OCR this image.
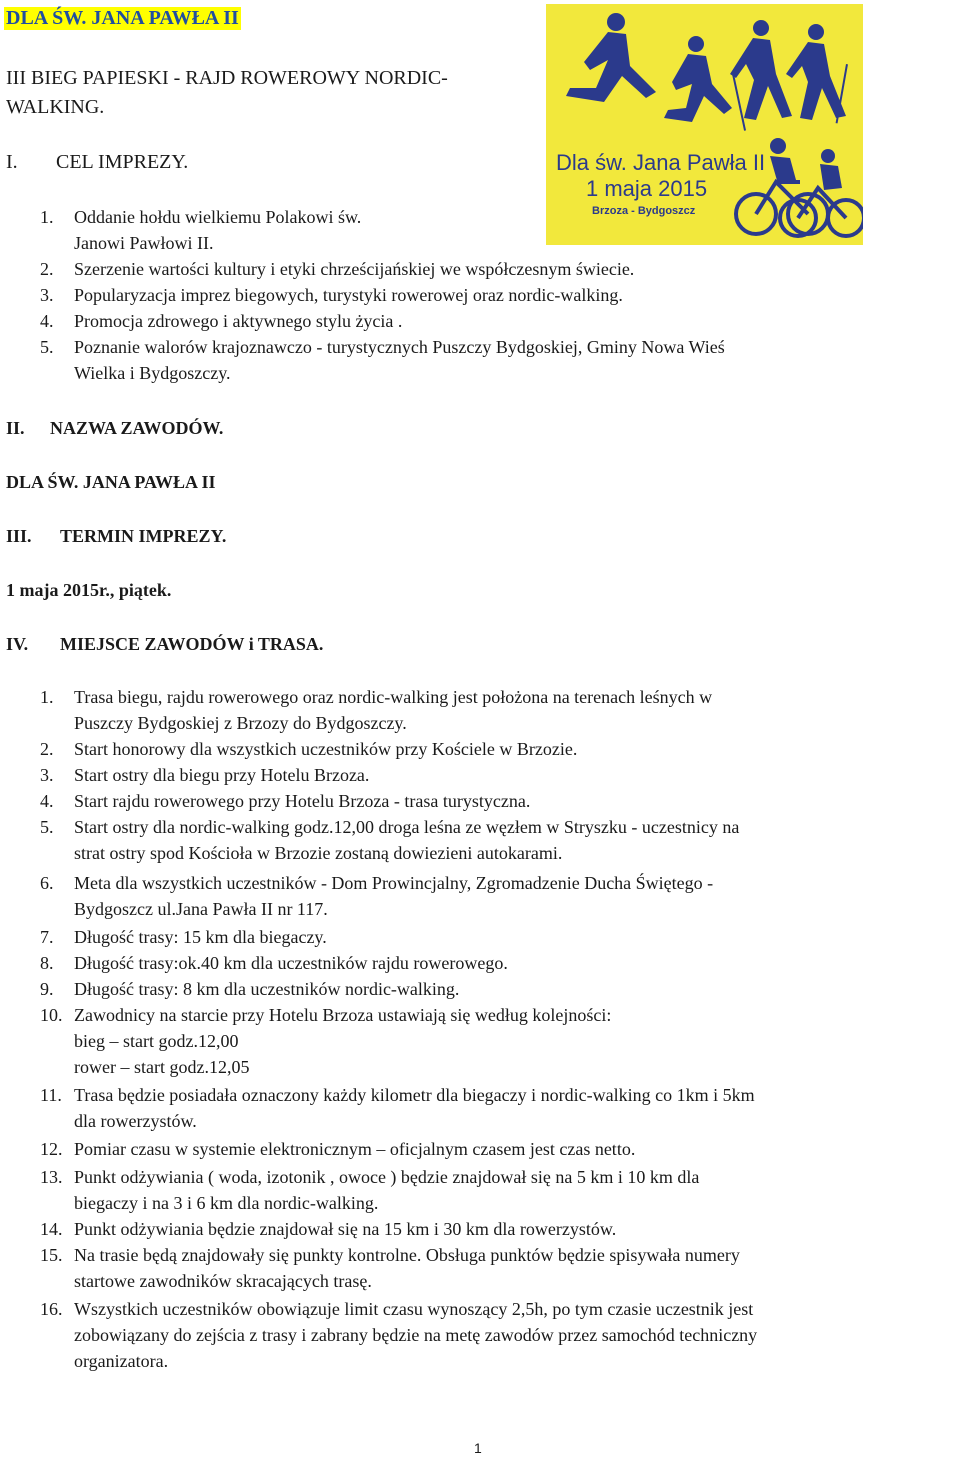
DLA ŚW. JANA PAWŁA II
III BIEG PAPIESKI - RAJD ROWEROWY NORDIC-WALKING.
Dla św. Jana Pawła II
1 maja 2015
Brzoza - Bydgoszcz
I. CEL IMPREZY.
1. Oddanie hołdu wielkiemu Polakowi św.
Janowi Pawłowi II.
2. Szerzenie wartości kultury i etyki chrześcijańskiej we współczesnym świecie.
3. Popularyzacja imprez biegowych, turystyki rowerowej oraz nordic-walking.
4. Promocja zdrowego i aktywnego stylu życia .
5. Poznanie walorów krajoznawczo - turystycznych Puszczy Bydgoskiej, Gminy Nowa Wieś
Wielka i Bydgoszczy.
II. NAZWA ZAWODÓW.
DLA ŚW. JANA PAWŁA II
III. TERMIN IMPREZY.
1 maja 2015r., piątek.
IV. MIEJSCE ZAWODÓW i TRASA.
1. Trasa biegu, rajdu rowerowego oraz nordic-walking jest położona na terenach leśnych w
Puszczy Bydgoskiej z Brzozy do Bydgoszczy.
2. Start honorowy dla wszystkich uczestników przy Kościele w Brzozie.
3. Start ostry dla biegu przy Hotelu Brzoza.
4. Start rajdu rowerowego przy Hotelu Brzoza - trasa turystyczna.
5. Start ostry dla nordic-walking godz.12,00 droga leśna ze węzłem w Stryszku - uczestnicy na
strat ostry spod Kościoła w Brzozie zostaną dowiezieni autokarami.
6. Meta dla wszystkich uczestników - Dom Prowincjalny, Zgromadzenie Ducha Świętego -
Bydgoszcz ul.Jana Pawła II nr 117.
7. Długość trasy: 15 km dla biegaczy.
8. Długość trasy:ok.40 km dla uczestników rajdu rowerowego.
9. Długość trasy: 8 km dla uczestników nordic-walking.
10. Zawodnicy na starcie przy Hotelu Brzoza ustawiają się według kolejności:
bieg – start godz.12,00
rower – start godz.12,05
11. Trasa będzie posiadała oznaczony każdy kilometr dla biegaczy i nordic-walking co 1km i 5km
dla rowerzystów.
12. Pomiar czasu w systemie elektronicznym – oficjalnym czasem jest czas netto.
13. Punkt odżywiania ( woda, izotonik , owoce ) będzie znajdował się na 5 km i 10 km dla
biegaczy i na 3 i 6 km dla nordic-walking.
14. Punkt odżywiania będzie znajdował się na 15 km i 30 km dla rowerzystów.
15. Na trasie będą znajdowały się punkty kontrolne. Obsługa punktów będzie spisywała numery
startowe zawodników skracających trasę.
16. Wszystkich uczestników obowiązuje limit czasu wynoszący 2,5h, po tym czasie uczestnik jest
zobowiązany do zejścia z trasy i zabrany będzie na metę zawodów przez samochód techniczny
organizatora.
1
